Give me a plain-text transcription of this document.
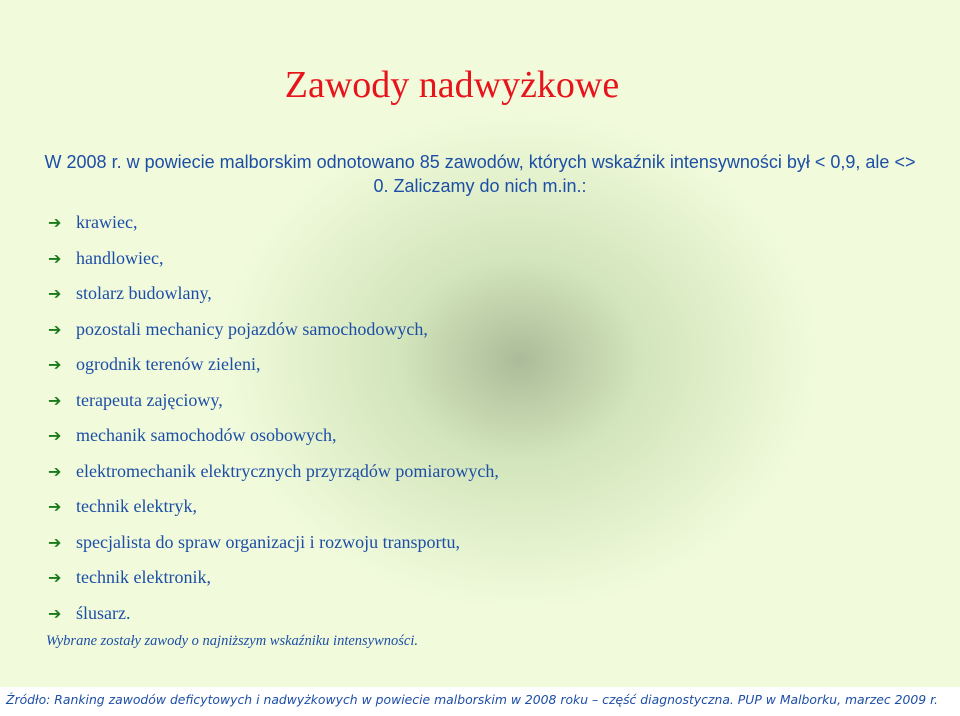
Zawody nadwyżkowe
W 2008 r. w powiecie malborskim odnotowano 85 zawodów, których wskaźnik intensywności był < 0,9, ale <> 0. Zaliczamy do nich m.in.:
➔ krawiec,
➔ handlowiec,
➔ stolarz budowlany,
➔ pozostali mechanicy pojazdów samochodowych,
➔ ogrodnik terenów zieleni,
➔ terapeuta zajęciowy,
➔ mechanik samochodów osobowych,
➔ elektromechanik elektrycznych przyrządów pomiarowych,
➔ technik elektryk,
➔ specjalista do spraw organizacji i rozwoju transportu,
➔ technik elektronik,
➔ ślusarz.
Wybrane zostały zawody o najniższym wskaźniku intensywności.
Źródło: Ranking zawodów deficytowych i nadwyżkowych w powiecie malborskim w 2008 roku – część diagnostyczna. PUP w Malborku, marzec 2009 r.
